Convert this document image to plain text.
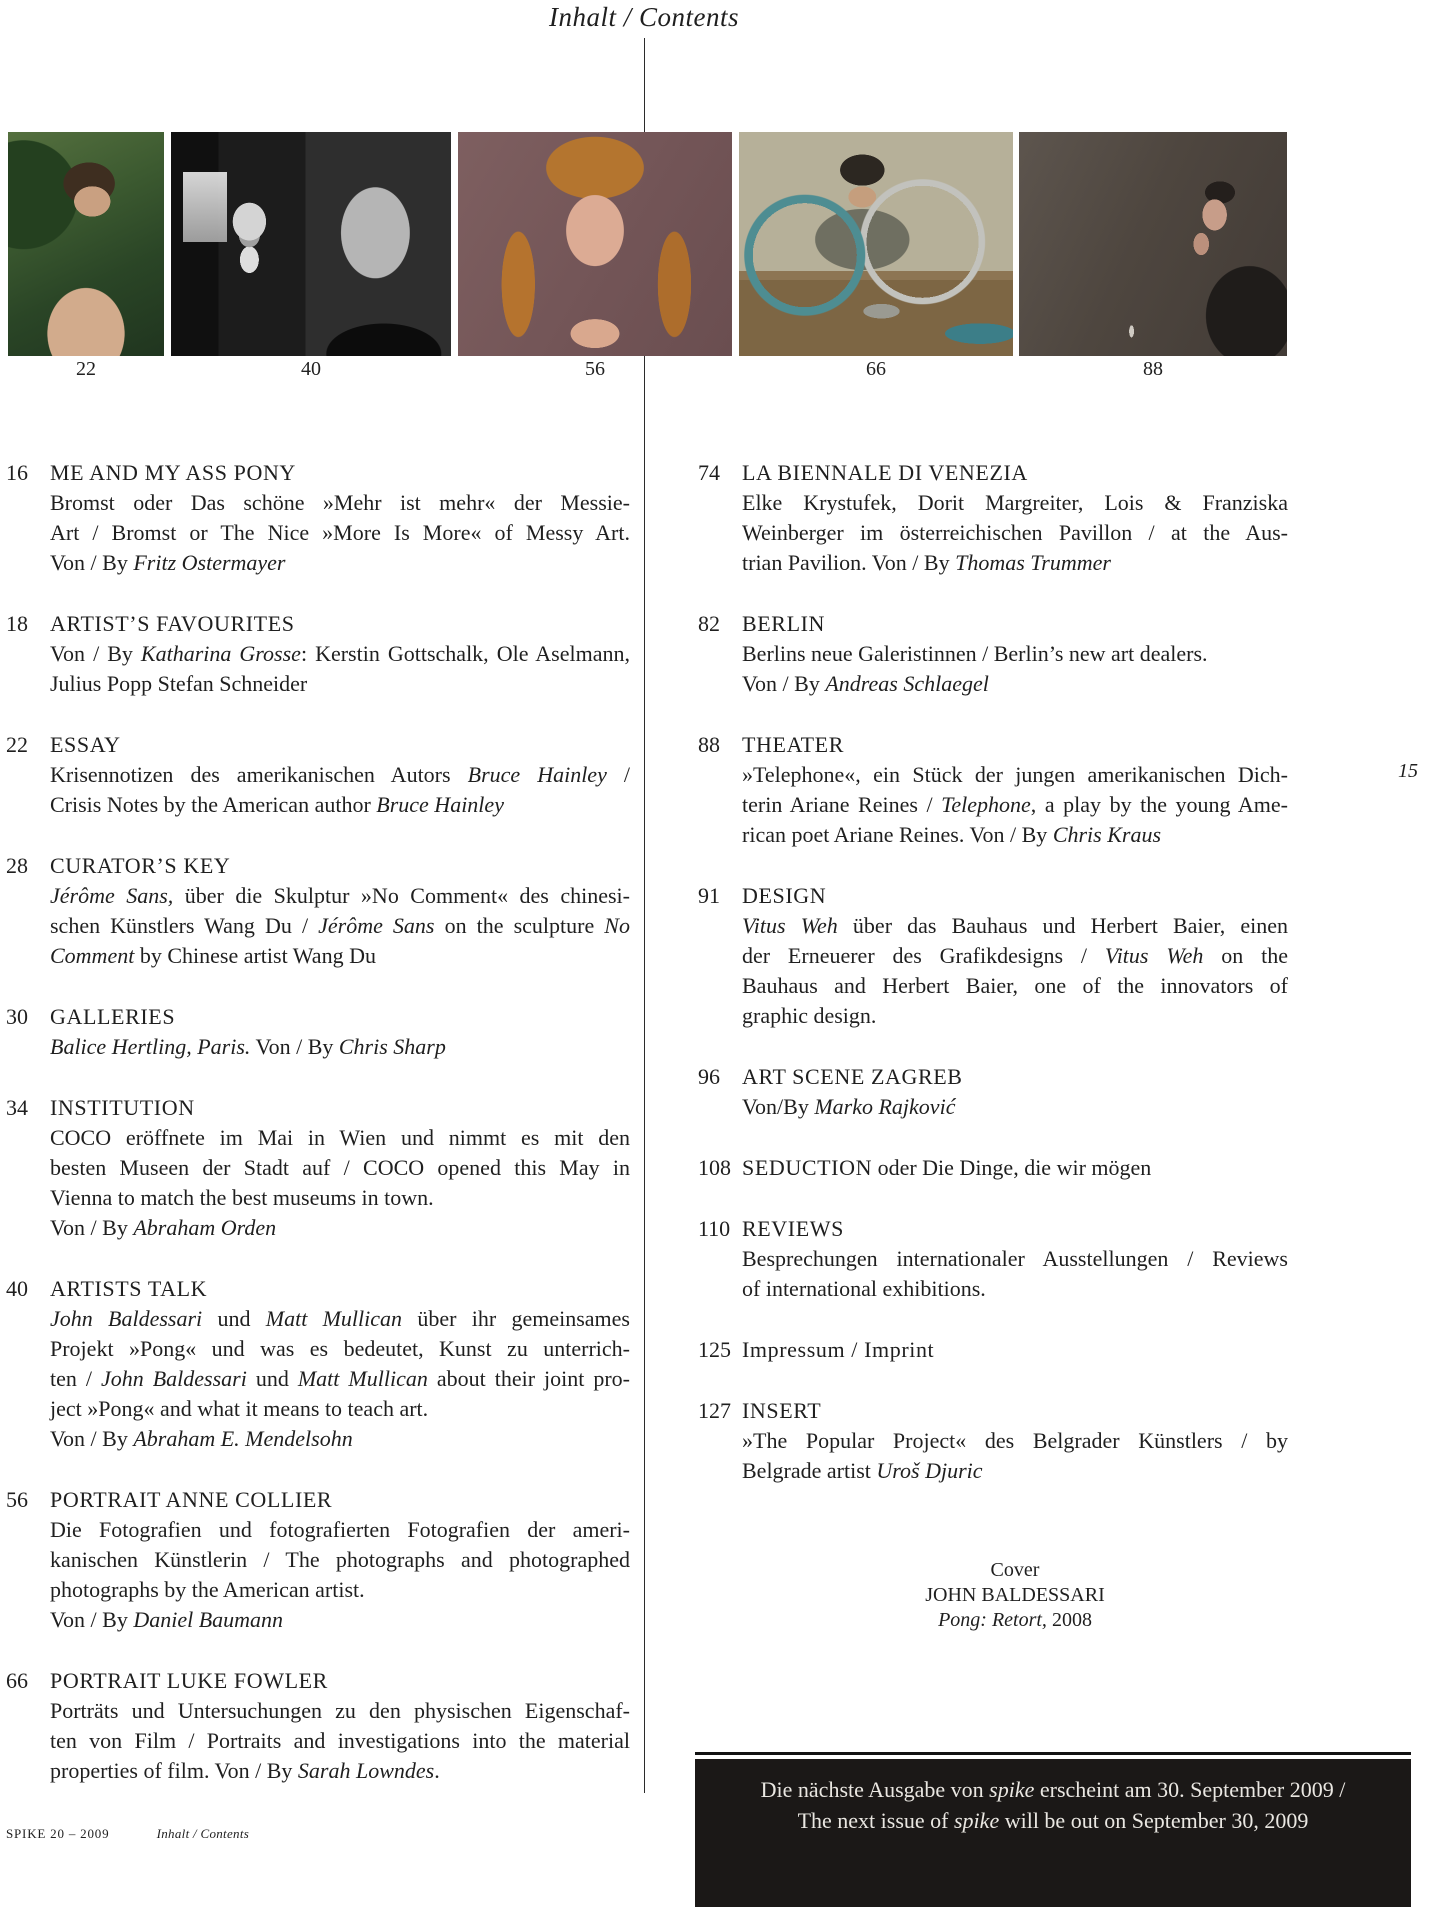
Inhalt / Contents
22	40	56	66	88
16	ME AND MY ASS PONY
Bromst oder Das schöne »Mehr ist mehr« der Messie-
Art / Bromst or The Nice »More Is More« of Messy Art.
Von / By Fritz Ostermayer
18	ARTIST’S FAVOURITES
Von / By Katharina Grosse: Kerstin Gottschalk, Ole Aselmann,
Julius Popp Stefan Schneider
22	ESSAY
Krisennotizen des amerikanischen Autors Bruce Hainley /
Crisis Notes by the American author Bruce Hainley
28	CURATOR’S KEY
Jérôme Sans, über die Skulptur »No Comment« des chinesi-
schen Künstlers Wang Du / Jérôme Sans on the sculpture No
Comment by Chinese artist Wang Du
30	GALLERIES
Balice Hertling, Paris. Von / By Chris Sharp
34	INSTITUTION
COCO eröffnete im Mai in Wien und nimmt es mit den
besten Museen der Stadt auf / COCO opened this May in
Vienna to match the best museums in town.
Von / By Abraham Orden
40	ARTISTS TALK
John Baldessari und Matt Mullican über ihr gemeinsames
Projekt »Pong« und was es bedeutet, Kunst zu unterrich-
ten / John Baldessari und Matt Mullican about their joint pro-
ject »Pong« and what it means to teach art.
Von / By Abraham E. Mendelsohn
56	PORTRAIT ANNE COLLIER
Die Fotografien und fotografierten Fotografien der ameri-
kanischen Künstlerin / The photographs and photographed
photographs by the American artist.
Von / By Daniel Baumann
66	PORTRAIT LUKE FOWLER
Porträts und Untersuchungen zu den physischen Eigenschaf-
ten von Film / Portraits and investigations into the material
properties of film. Von / By Sarah Lowndes.
74	LA BIENNALE DI VENEZIA
Elke Krystufek, Dorit Margreiter, Lois & Franziska
Weinberger im österreichischen Pavillon / at the Aus-
trian Pavilion. Von / By Thomas Trummer
82	BERLIN
Berlins neue Galeristinnen / Berlin’s new art dealers.
Von / By Andreas Schlaegel
88	THEATER
»Telephone«, ein Stück der jungen amerikanischen Dich-
terin Ariane Reines / Telephone, a play by the young Ame-
rican poet Ariane Reines. Von / By Chris Kraus
91	DESIGN
Vitus Weh über das Bauhaus und Herbert Baier, einen
der Erneuerer des Grafikdesigns / Vitus Weh on the
Bauhaus and Herbert Baier, one of the innovators of
graphic design.
96	ART SCENE ZAGREB
Von/By Marko Rajković
108 SEDUCTION oder Die Dinge, die wir mögen
110 REVIEWS
Besprechungen internationaler Ausstellungen / Reviews
of international exhibitions.
125 Impressum / Imprint
127 INSERT
»The Popular Project« des Belgrader Künstlers / by
Belgrade artist Uroš Djuric
Cover
JOHN BALDESSARI
Pong: Retort, 2008
15
SPIKE 20 – 2009	Inhalt / Contents
Die nächste Ausgabe von spike erscheint am 30. September 2009 /
The next issue of spike will be out on September 30, 2009
